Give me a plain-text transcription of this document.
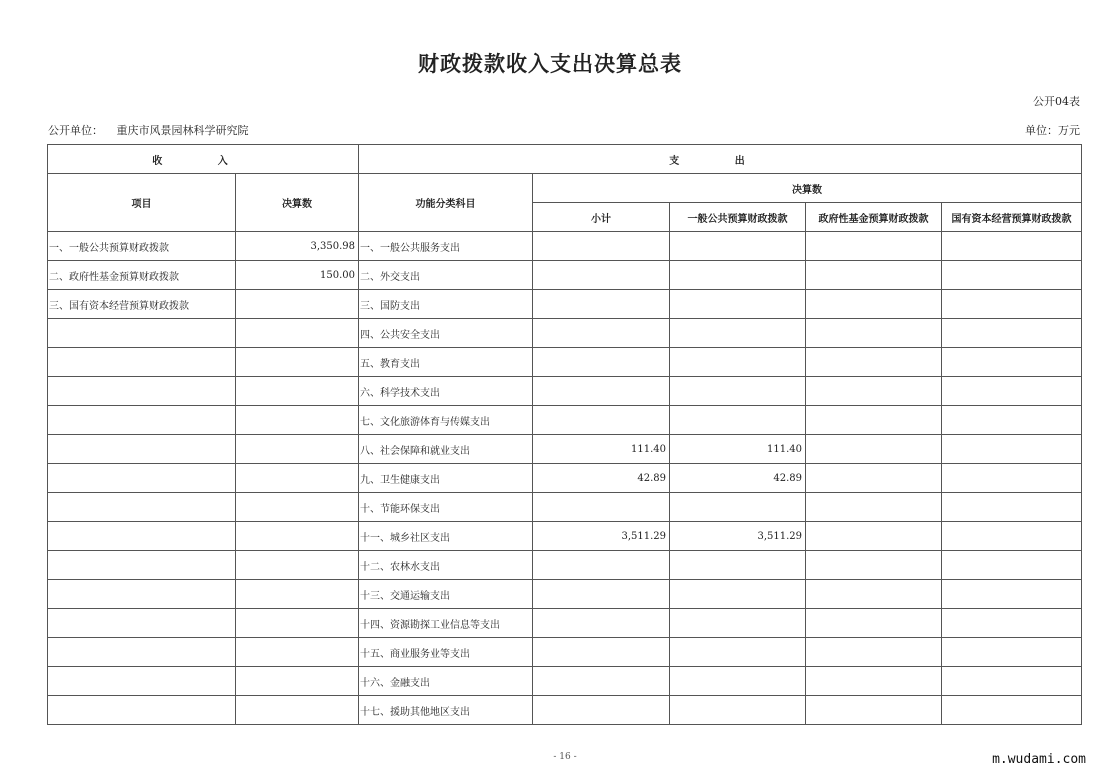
财政拨款收入支出决算总表
公开04表
公开单位： 重庆市风景园林科学研究院	单位：万元
收 入		支 出				
项目	决算数	功能分类科目	决算数			
			小计	一般公共预算财政拨款	政府性基金预算财政拨款	国有资本经营预算财政拨款
一、一般公共预算财政拨款	3,350.98	一、一般公共服务支出				
二、政府性基金预算财政拨款	150.00	二、外交支出				
三、国有资本经营预算财政拨款		三、国防支出				
		四、公共安全支出				
		五、教育支出				
		六、科学技术支出				
		七、文化旅游体育与传媒支出				
		八、社会保障和就业支出	111.40	111.40		
		九、卫生健康支出	42.89	42.89		
		十、节能环保支出				
		十一、城乡社区支出	3,511.29	3,511.29		
		十二、农林水支出				
		十三、交通运输支出				
		十四、资源勘探工业信息等支出				
		十五、商业服务业等支出				
		十六、金融支出				
		十七、援助其他地区支出				
- 16 -	m.wudami.com
